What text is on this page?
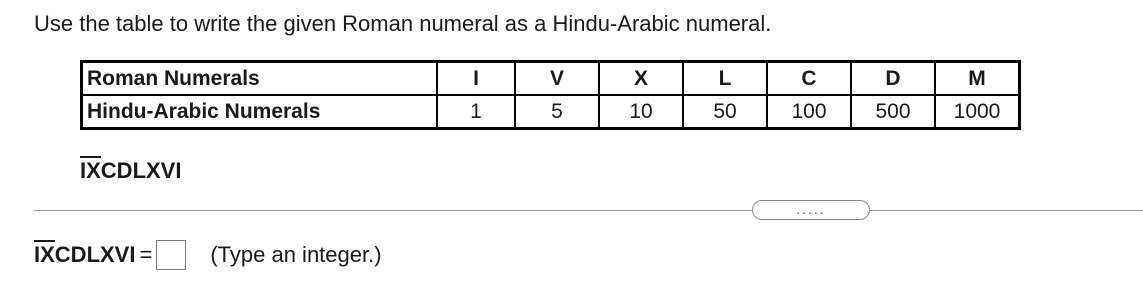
Use the table to write the given Roman numeral as a Hindu-Arabic numeral.
Roman Numerals	I	V	X	L	C	D	M
Hindu-Arabic Numerals	1	5	10	50	100	500	1000
IXCDLXVI
.....
IXCDLXVI =	(Type an integer.)
